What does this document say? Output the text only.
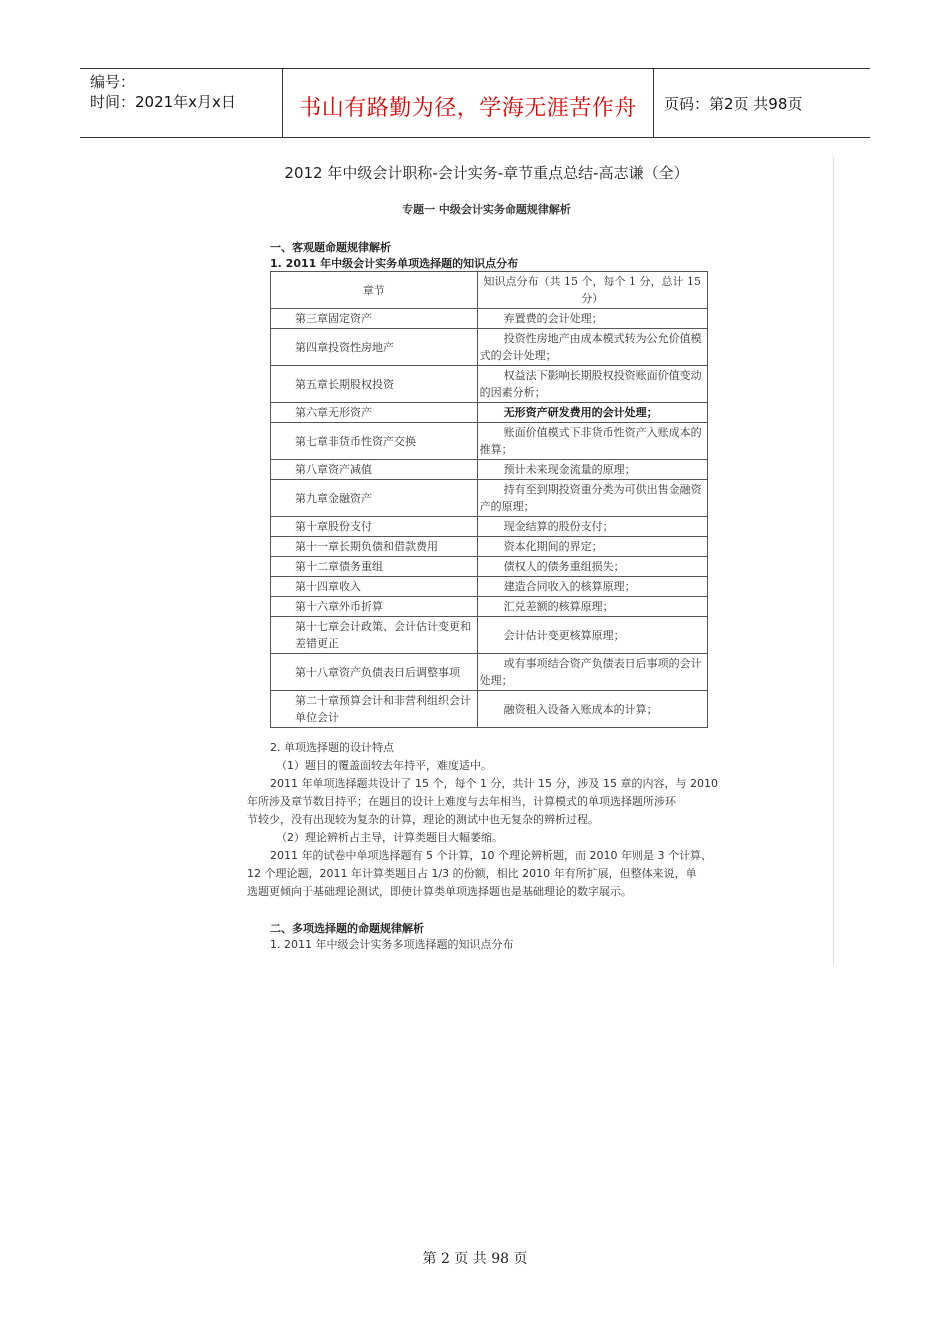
编号：
时间：2021年x月x日	书山有路勤为径，学海无涯苦作舟	页码：第2页 共98页
2012 年中级会计职称-会计实务-章节重点总结-高志谦（全）
专题一 中级会计实务命题规律解析
一、客观题命题规律解析
1. 2011 年中级会计实务单项选择题的知识点分布
章节	知识点分布（共 15 个，每个 1 分，总计 15
分）
第三章固定资产	弃置费的会计处理；
第四章投资性房地产	投资性房地产由成本模式转为公允价值模式的会计处理；
第五章长期股权投资	权益法下影响长期股权投资账面价值变动的因素分析；
第六章无形资产	无形资产研发费用的会计处理；
第七章非货币性资产交换	账面价值模式下非货币性资产入账成本的推算；
第八章资产减值	预计未来现金流量的原理；
第九章金融资产	持有至到期投资重分类为可供出售金融资产的原理；
第十章股份支付	现金结算的股份支付；
第十一章长期负债和借款费用	资本化期间的界定；
第十二章债务重组	债权人的债务重组损失；
第十四章收入	建造合同收入的核算原理；
第十六章外币折算	汇兑差额的核算原理；
第十七章会计政策、会计估计变更和差错更正	会计估计变更核算原理；
第十八章资产负债表日后调整事项	或有事项结合资产负债表日后事项的会计处理；
第二十章预算会计和非营利组织会计单位会计	融资租入设备入账成本的计算；
2. 单项选择题的设计特点
（1）题目的覆盖面较去年持平，难度适中。
2011 年单项选择题共设计了 15 个，每个 1 分，共计 15 分，涉及 15 章的内容，与 2010
年所涉及章节数目持平；在题目的设计上难度与去年相当，计算模式的单项选择题所涉环
节较少，没有出现较为复杂的计算，理论的测试中也无复杂的辨析过程。
（2）理论辨析占主导，计算类题目大幅萎缩。
2011 年的试卷中单项选择题有 5 个计算，10 个理论辨析题，而 2010 年则是 3 个计算、
12 个理论题，2011 年计算类题目占 1/3 的份额，相比 2010 年有所扩展，但整体来说，单
选题更倾向于基础理论测试，即使计算类单项选择题也是基础理论的数字展示。
二、多项选择题的命题规律解析
1. 2011 年中级会计实务多项选择题的知识点分布
第 2 页 共 98 页
